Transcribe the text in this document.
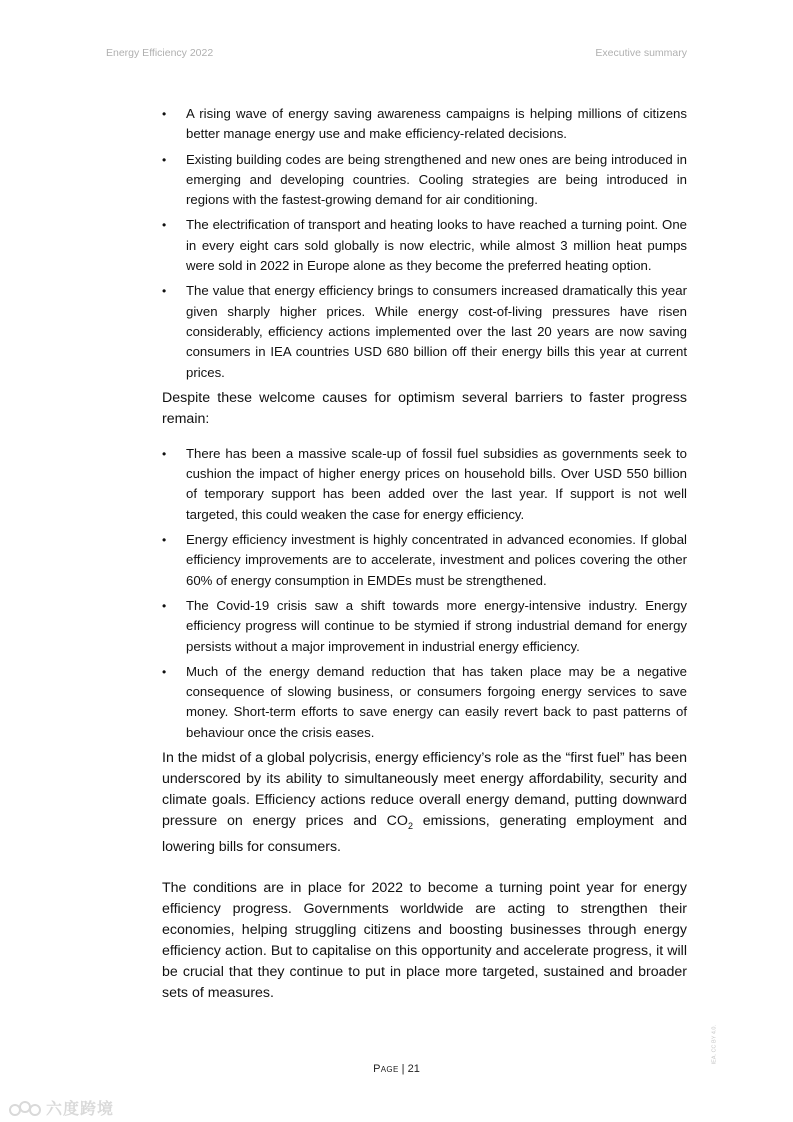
Energy Efficiency 2022	Executive summary
• A rising wave of energy saving awareness campaigns is helping millions of citizens better manage energy use and make efficiency-related decisions.
• Existing building codes are being strengthened and new ones are being introduced in emerging and developing countries. Cooling strategies are being introduced in regions with the fastest-growing demand for air conditioning.
• The electrification of transport and heating looks to have reached a turning point. One in every eight cars sold globally is now electric, while almost 3 million heat pumps were sold in 2022 in Europe alone as they become the preferred heating option.
• The value that energy efficiency brings to consumers increased dramatically this year given sharply higher prices. While energy cost-of-living pressures have risen considerably, efficiency actions implemented over the last 20 years are now saving consumers in IEA countries USD 680 billion off their energy bills this year at current prices.

Despite these welcome causes for optimism several barriers to faster progress remain:

• There has been a massive scale-up of fossil fuel subsidies as governments seek to cushion the impact of higher energy prices on household bills. Over USD 550 billion of temporary support has been added over the last year. If support is not well targeted, this could weaken the case for energy efficiency.
• Energy efficiency investment is highly concentrated in advanced economies. If global efficiency improvements are to accelerate, investment and polices covering the other 60% of energy consumption in EMDEs must be strengthened.
• The Covid-19 crisis saw a shift towards more energy-intensive industry. Energy efficiency progress will continue to be stymied if strong industrial demand for energy persists without a major improvement in industrial energy efficiency.
• Much of the energy demand reduction that has taken place may be a negative consequence of slowing business, or consumers forgoing energy services to save money. Short-term efforts to save energy can easily revert back to past patterns of behaviour once the crisis eases.

In the midst of a global polycrisis, energy efficiency’s role as the “first fuel” has been underscored by its ability to simultaneously meet energy affordability, security and climate goals. Efficiency actions reduce overall energy demand, putting downward pressure on energy prices and $CO_2$ emissions, generating employment and lowering bills for consumers.

The conditions are in place for 2022 to become a turning point year for energy efficiency progress. Governments worldwide are acting to strengthen their economies, helping struggling citizens and boosting businesses through energy efficiency action. But to capitalise on this opportunity and accelerate progress, it will be crucial that they continue to put in place more targeted, sustained and broader sets of measures.

Page | 21
IEA. CC BY 4.0.
六度跨境
